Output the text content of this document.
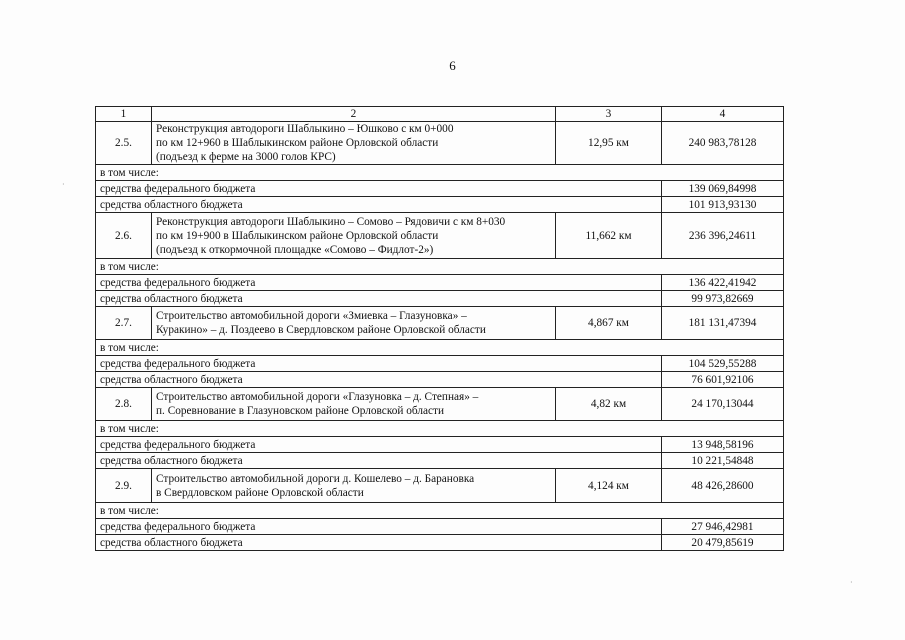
6
·
·
1	2	3	4
2.5.	Реконструкция автодороги Шаблыкино – Юшково с км 0+000
по км 12+960 в Шаблыкинском районе Орловской области
(подъезд к ферме на 3000 голов КРС)	12,95 км	240 983,78128
в том числе:			
средства федерального бюджета			139 069,84998
средства областного бюджета			101 913,93130
2.6.	Реконструкция автодороги Шаблыкино – Сомово – Рядовичи с км 8+030
по км 19+900 в Шаблыкинском районе Орловской области
(подъезд к откормочной площадке «Сомово – Фидлот-2»)	11,662 км	236 396,24611
в том числе:			
средства федерального бюджета			136 422,41942
средства областного бюджета			99 973,82669
2.7.	Строительство автомобильной дороги «Змиевка – Глазуновка» –
Куракино» – д. Поздеево в Свердловском районе Орловской области	4,867 км	181 131,47394
в том числе:			
средства федерального бюджета			104 529,55288
средства областного бюджета			76 601,92106
2.8.	Строительство автомобильной дороги «Глазуновка – д. Степная» –
п. Соревнование в Глазуновском районе Орловской области	4,82 км	24 170,13044
в том числе:			
средства федерального бюджета			13 948,58196
средства областного бюджета			10 221,54848
2.9.	Строительство автомобильной дороги д. Кошелево – д. Барановка
в Свердловском районе Орловской области	4,124 км	48 426,28600
в том числе:			
средства федерального бюджета			27 946,42981
средства областного бюджета			20 479,85619
